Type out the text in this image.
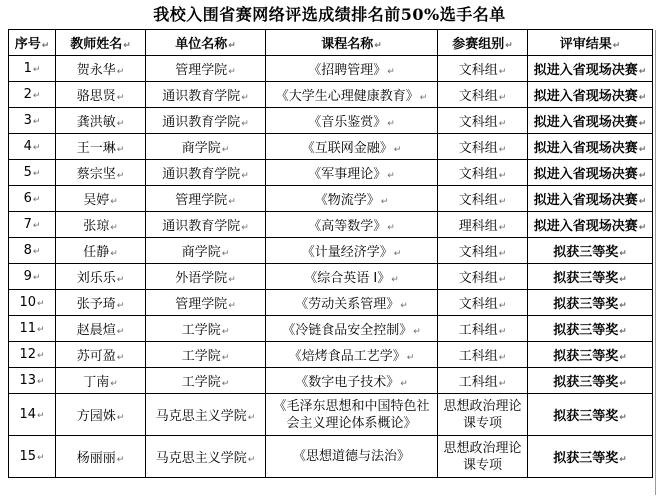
我校入围省赛网络评选成绩排名前50%选手名单
序号↵	教师姓名↵	单位名称↵	课程名称↵	参赛组别↵	评审结果↵
1↵	贺永华↵	管理学院↵	《招聘管理》↵	文科组↵	拟进入省现场决赛↵
2↵	骆思贤↵	通识教育学院↵	《大学生心理健康教育》↵	文科组↵	拟进入省现场决赛↵
3↵	龚洪敏↵	通识教育学院↵	《音乐鉴赏》↵	文科组↵	拟进入省现场决赛↵
4↵	王一琳↵	商学院↵	《互联网金融》↵	文科组↵	拟进入省现场决赛↵
5↵	蔡宗坚↵	通识教育学院↵	《军事理论》↵	文科组↵	拟进入省现场决赛↵
6↵	吴婷↵	管理学院↵	《物流学》↵	文科组↵	拟进入省现场决赛↵
7↵	张琼↵	通识教育学院↵	《高等数学》↵	理科组↵	拟进入省现场决赛↵
8↵	任静↵	商学院↵	《计量经济学》↵	文科组↵	拟获三等奖↵
9↵	刘乐乐↵	外语学院↵	《综合英语 I》↵	文科组↵	拟获三等奖↵
10↵	张予琦↵	管理学院↵	《劳动关系管理》↵	文科组↵	拟获三等奖↵
11↵	赵晨煊↵	工学院↵	《冷链食品安全控制》↵	工科组↵	拟获三等奖↵
12↵	苏可盈↵	工学院↵	《焙烤食品工艺学》↵	工科组↵	拟获三等奖↵
13↵	丁南↵	工学院↵	《数字电子技术》↵	工科组↵	拟获三等奖↵
14↵	方园姝↵	马克思主义学院↵	《毛泽东思想和中国特色社会主义理论体系概论》	思想政治理论课专项	拟获三等奖↵
15↵	杨丽丽↵	马克思主义学院↵	《思想道德与法治》	思想政治理论课专项	拟获三等奖↵
